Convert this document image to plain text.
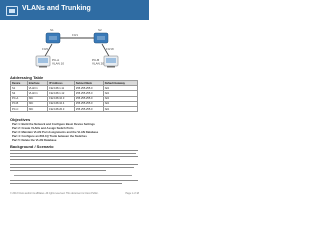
VLANs and Trunking
S1	S2
F0/1
F0/6	F0/18
PC-A
VLAN 10
PC-B
VLAN 20
Addressing Table
Device	Interface	IP Address	Subnet Mask	Default Gateway
S1	VLAN 1	192.168.1.11	255.255.255.0	N/A
S2	VLAN 1	192.168.1.12	255.255.255.0	N/A
PC-A	NIC	192.168.10.3	255.255.255.0	N/A
PC-B	NIC	192.168.10.4	255.255.255.0	N/A
PC-C	NIC	192.168.20.3	255.255.255.0	N/A
Objectives
Part 1: Build the Network and Configure Basic Device Settings
Part 2: Create VLANs and Assign Switch Ports
Part 3: Maintain VLAN Port Assignments and the VLAN Database
Part 4: Configure an 802.1Q Trunk between the Switches
Part 5: Delete the VLAN Database
Background / Scenario
© 2013 Cisco and/or its affiliates. All rights reserved. This document is Cisco Public.	Page 1 of 18
